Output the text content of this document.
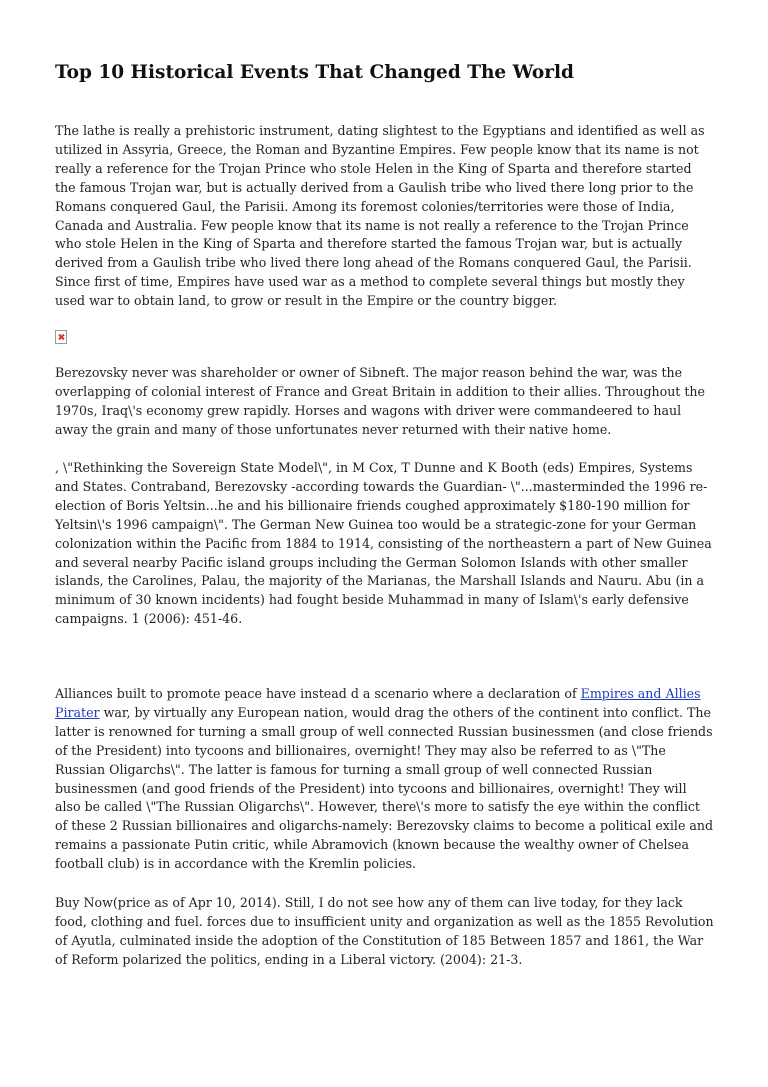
Top 10 Historical Events That Changed The World

The lathe is really a prehistoric instrument, dating slightest to the Egyptians and identified as well as utilized in Assyria, Greece, the Roman and Byzantine Empires. Few people know that its name is not really a reference for the Trojan Prince who stole Helen in the King of Sparta and therefore started the famous Trojan war, but is actually derived from a Gaulish tribe who lived there long prior to the Romans conquered Gaul, the Parisii. Among its foremost colonies/territories were those of India, Canada and Australia. Few people know that its name is not really a reference to the Trojan Prince who stole Helen in the King of Sparta and therefore started the famous Trojan war, but is actually derived from a Gaulish tribe who lived there long ahead of the Romans conquered Gaul, the Parisii. Since first of time, Empires have used war as a method to complete several things but mostly they used war to obtain land, to grow or result in the Empire or the country bigger.

Berezovsky never was shareholder or owner of Sibneft. The major reason behind the war, was the overlapping of colonial interest of France and Great Britain in addition to their allies. Throughout the 1970s, Iraq\'s economy grew rapidly. Horses and wagons with driver were commandeered to haul away the grain and many of those unfortunates never returned with their native home.

, \"Rethinking the Sovereign State Model\", in M Cox, T Dunne and K Booth (eds) Empires, Systems and States. Contraband, Berezovsky -according towards the Guardian- \"...masterminded the 1996 re-election of Boris Yeltsin...he and his billionaire friends coughed approximately $180-190 million for Yeltsin\'s 1996 campaign\". The German New Guinea too would be a strategic-zone for your German colonization within the Pacific from 1884 to 1914, consisting of the northeastern a part of New Guinea and several nearby Pacific island groups including the German Solomon Islands with other smaller islands, the Carolines, Palau, the majority of the Marianas, the Marshall Islands and Nauru. Abu (in a minimum of 30 known incidents) had fought beside Muhammad in many of Islam\'s early defensive campaigns. 1 (2006): 451-46.

Alliances built to promote peace have instead d a scenario where a declaration of Empires and Allies Pirater war, by virtually any European nation, would drag the others of the continent into conflict. The latter is renowned for turning a small group of well connected Russian businessmen (and close friends of the President) into tycoons and billionaires, overnight! They may also be referred to as \"The Russian Oligarchs\". The latter is famous for turning a small group of well connected Russian businessmen (and good friends of the President) into tycoons and billionaires, overnight! They will also be called \"The Russian Oligarchs\". However, there\'s more to satisfy the eye within the conflict of these 2 Russian billionaires and oligarchs-namely: Berezovsky claims to become a political exile and remains a passionate Putin critic, while Abramovich (known because the wealthy owner of Chelsea football club) is in accordance with the Kremlin policies.

Buy Now(price as of Apr 10, 2014). Still, I do not see how any of them can live today, for they lack food, clothing and fuel. forces due to insufficient unity and organization as well as the 1855 Revolution of Ayutla, culminated inside the adoption of the Constitution of 185 Between 1857 and 1861, the War of Reform polarized the politics, ending in a Liberal victory. (2004): 21-3.
